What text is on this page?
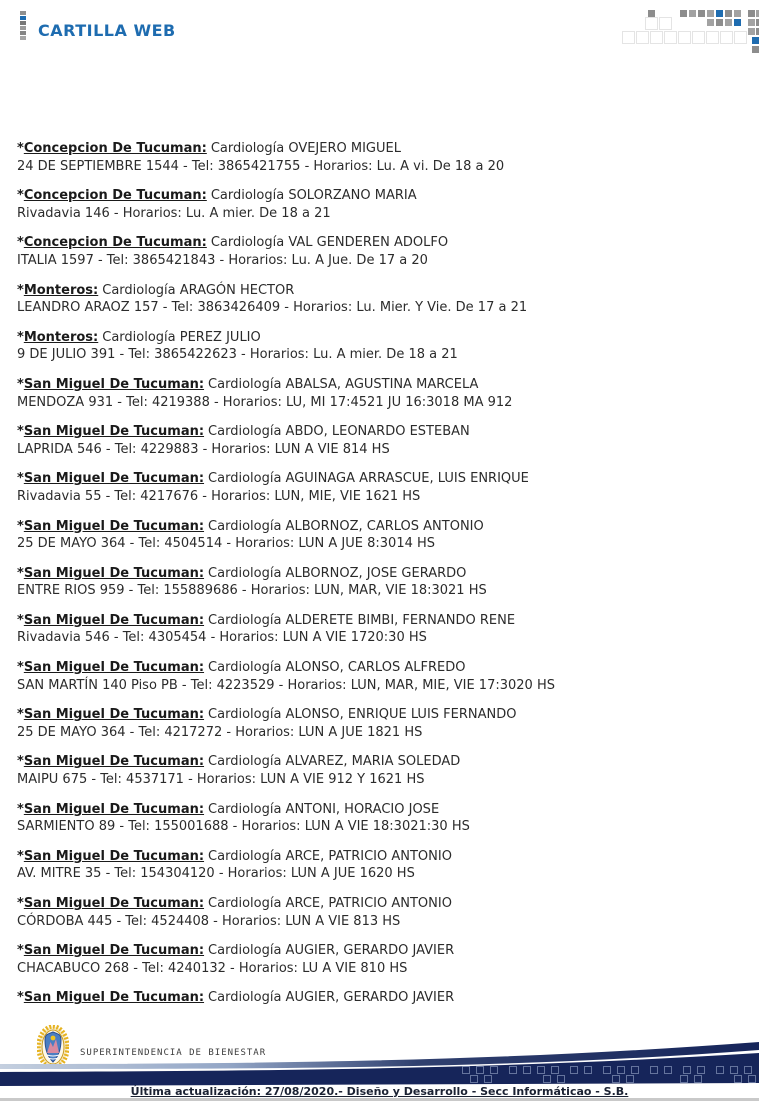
CARTILLA WEB
*Concepcion De Tucuman: Cardiología OVEJERO MIGUEL
24 DE SEPTIEMBRE 1544 - Tel: 3865421755 - Horarios: Lu. A vi. De 18 a 20
*Concepcion De Tucuman: Cardiología SOLORZANO MARIA
Rivadavia 146 - Horarios: Lu. A mier. De 18 a 21
*Concepcion De Tucuman: Cardiología VAL GENDEREN ADOLFO
ITALIA 1597 - Tel: 3865421843 - Horarios: Lu. A Jue. De 17 a 20
*Monteros: Cardiología ARAGÓN HECTOR
LEANDRO ARAOZ 157 - Tel: 3863426409 - Horarios: Lu. Mier. Y Vie. De 17 a 21
*Monteros: Cardiología PEREZ JULIO
9 DE JULIO 391 - Tel: 3865422623 - Horarios: Lu. A mier. De 18 a 21
*San Miguel De Tucuman: Cardiología ABALSA, AGUSTINA MARCELA
MENDOZA 931 - Tel: 4219388 - Horarios: LU, MI 17:4521 JU 16:3018 MA 912
*San Miguel De Tucuman: Cardiología ABDO, LEONARDO ESTEBAN
LAPRIDA 546 - Tel: 4229883 - Horarios: LUN A VIE 814 HS
*San Miguel De Tucuman: Cardiología AGUINAGA ARRASCUE, LUIS ENRIQUE
Rivadavia 55 - Tel: 4217676 - Horarios: LUN, MIE, VIE 1621 HS
*San Miguel De Tucuman: Cardiología ALBORNOZ, CARLOS ANTONIO
25 DE MAYO 364 - Tel: 4504514 - Horarios: LUN A JUE 8:3014 HS
*San Miguel De Tucuman: Cardiología ALBORNOZ, JOSE GERARDO
ENTRE RIOS 959 - Tel: 155889686 - Horarios: LUN, MAR, VIE 18:3021 HS
*San Miguel De Tucuman: Cardiología ALDERETE BIMBI, FERNANDO RENE
Rivadavia 546 - Tel: 4305454 - Horarios: LUN A VIE 1720:30 HS
*San Miguel De Tucuman: Cardiología ALONSO, CARLOS ALFREDO
SAN MARTÍN 140 Piso PB - Tel: 4223529 - Horarios: LUN, MAR, MIE, VIE 17:3020 HS
*San Miguel De Tucuman: Cardiología ALONSO, ENRIQUE LUIS FERNANDO
25 DE MAYO 364 - Tel: 4217272 - Horarios: LUN A JUE 1821 HS
*San Miguel De Tucuman: Cardiología ALVAREZ, MARIA SOLEDAD
MAIPU 675 - Tel: 4537171 - Horarios: LUN A VIE 912 Y 1621 HS
*San Miguel De Tucuman: Cardiología ANTONI, HORACIO JOSE
SARMIENTO 89 - Tel: 155001688 - Horarios: LUN A VIE 18:3021:30 HS
*San Miguel De Tucuman: Cardiología ARCE, PATRICIO ANTONIO
AV. MITRE 35 - Tel: 154304120 - Horarios: LUN A JUE 1620 HS
*San Miguel De Tucuman: Cardiología ARCE, PATRICIO ANTONIO
CÓRDOBA 445 - Tel: 4524408 - Horarios: LUN A VIE 813 HS
*San Miguel De Tucuman: Cardiología AUGIER, GERARDO JAVIER
CHACABUCO 268 - Tel: 4240132 - Horarios: LU A VIE 810 HS
*San Miguel De Tucuman: Cardiología AUGIER, GERARDO JAVIER
SUPERINTENDENCIA DE BIENESTAR
Última actualización: 27/08/2020.- Diseño y Desarrollo - Secc Informáticao - S.B.
